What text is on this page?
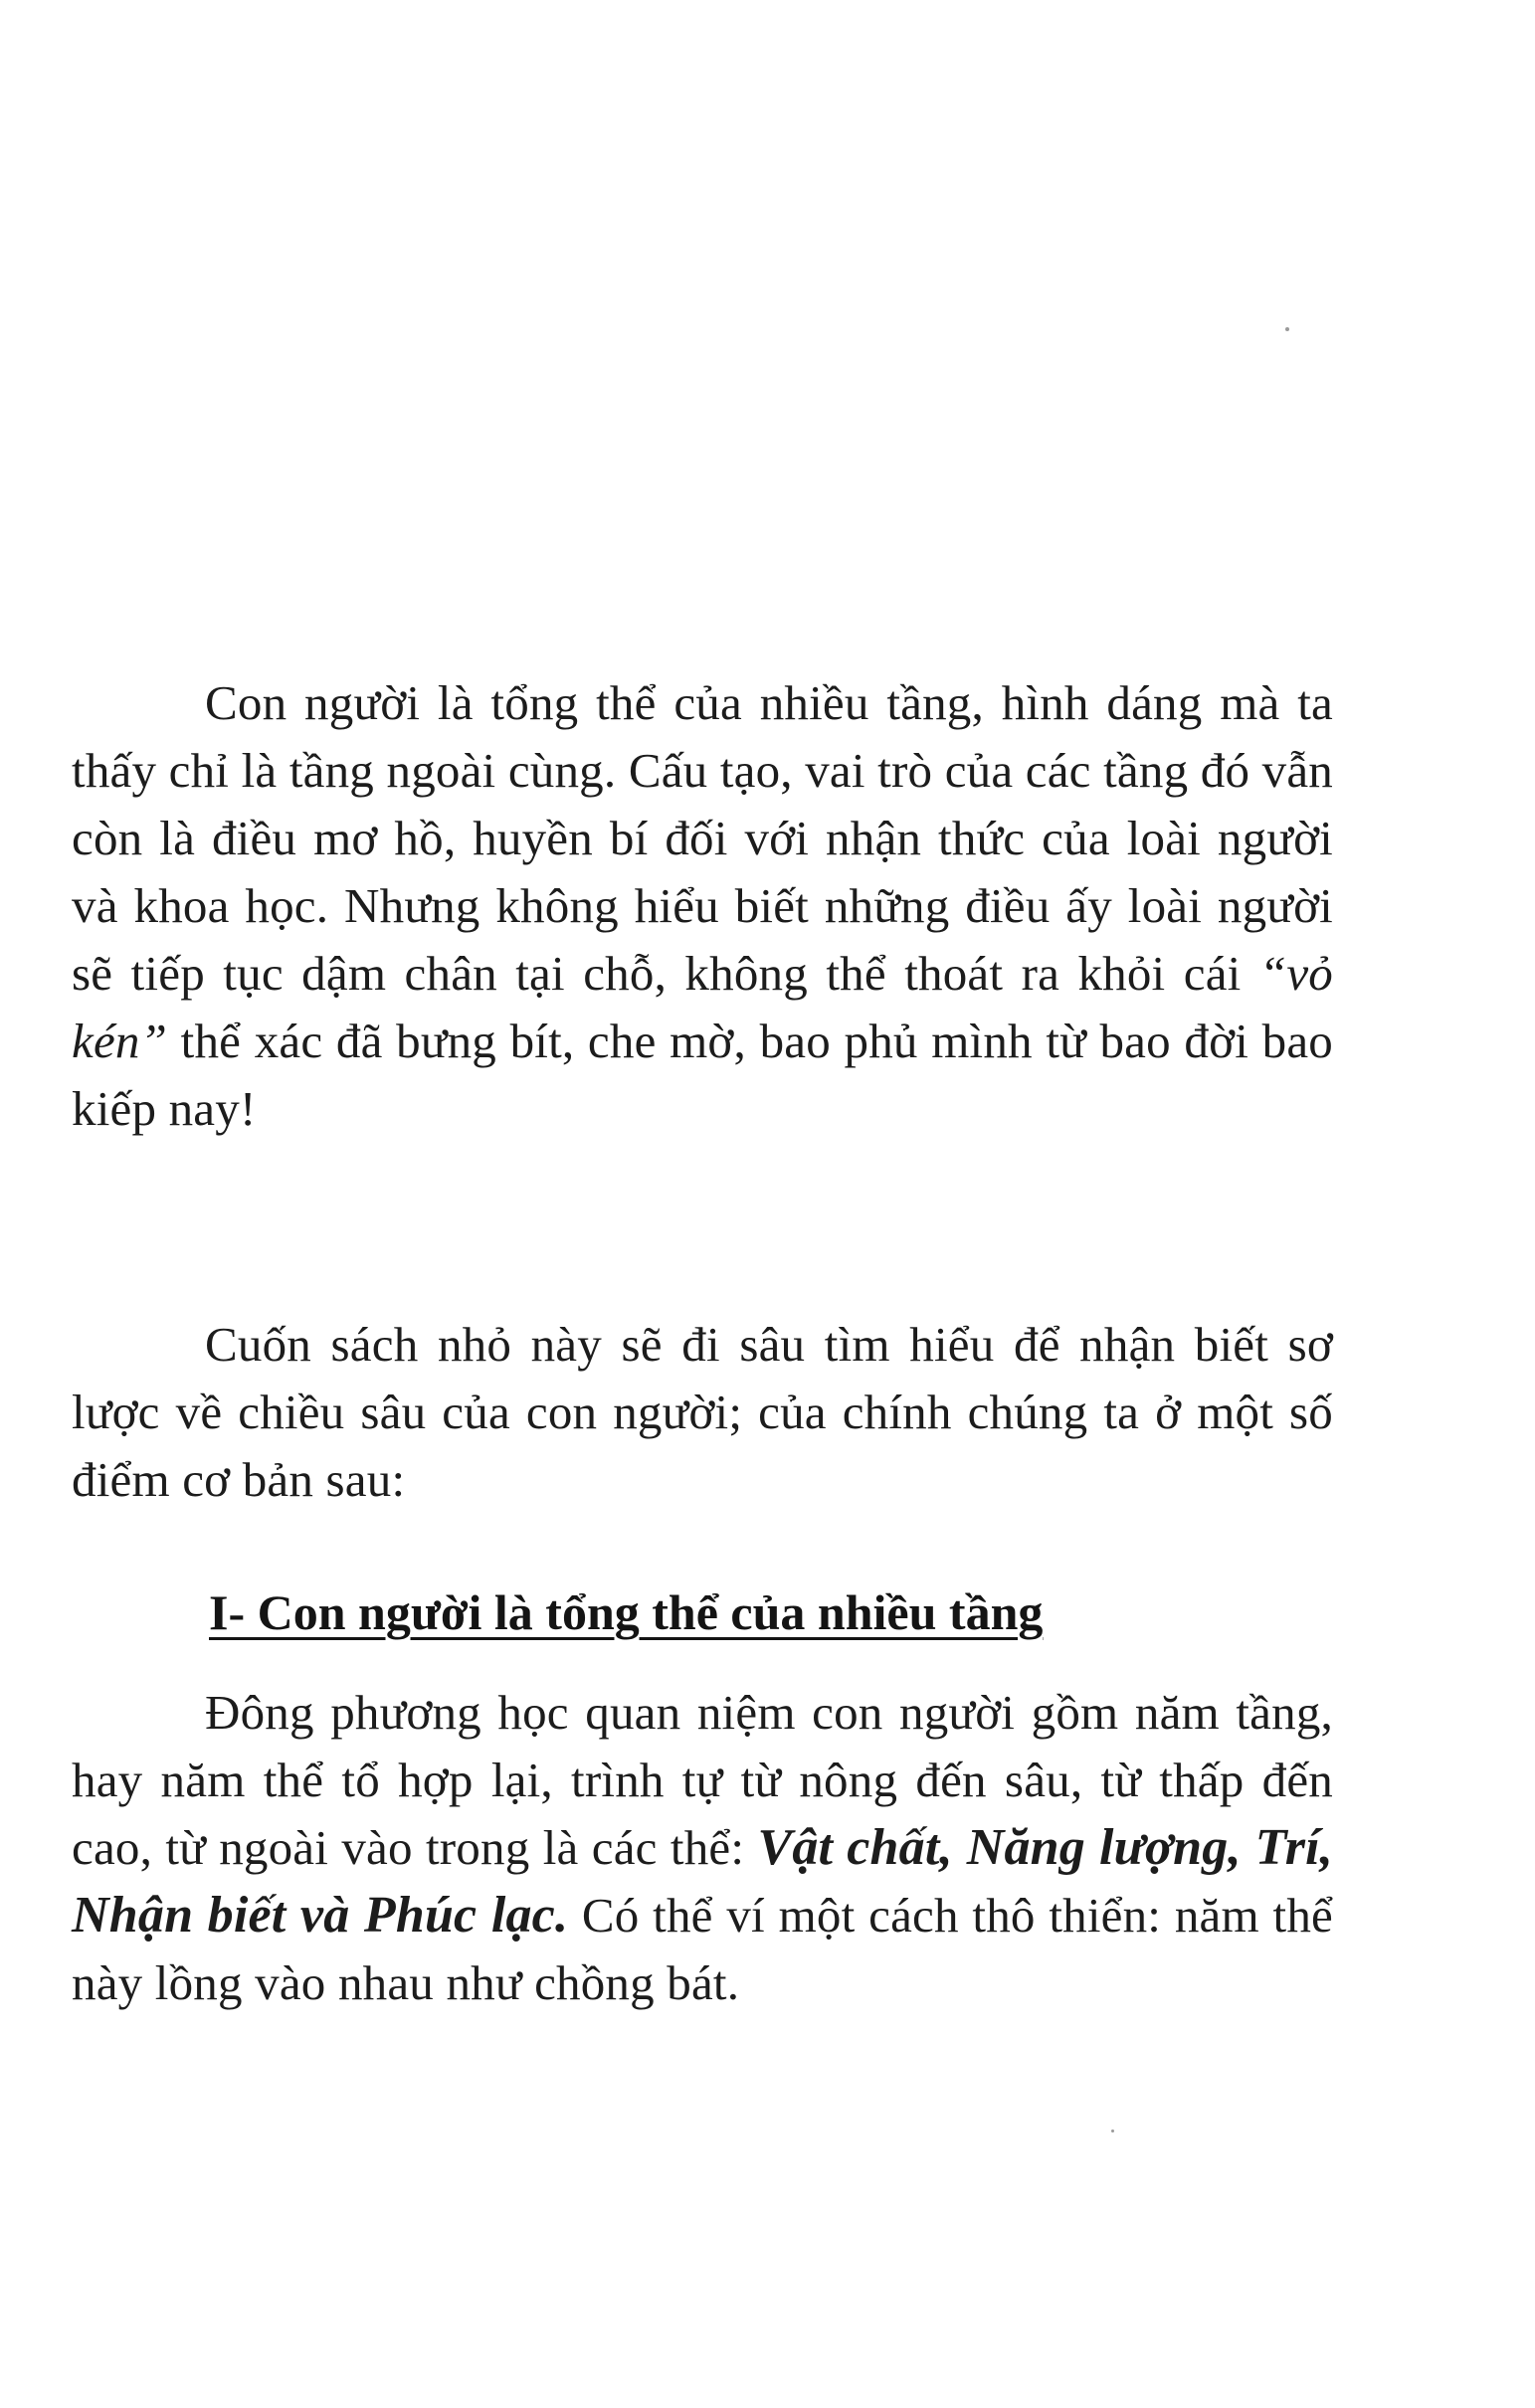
Con người là tổng thể của nhiều tầng, hình dáng mà ta thấy chỉ là tầng ngoài cùng. Cấu tạo, vai trò của các tầng đó vẫn còn là điều mơ hồ, huyền bí đối với nhận thức của loài người và khoa học. Nhưng không hiểu biết những điều ấy loài người sẽ tiếp tục dậm chân tại chỗ, không thể thoát ra khỏi cái “vỏ kén” thể xác đã bưng bít, che mờ, bao phủ mình từ bao đời bao kiếp nay!

Cuốn sách nhỏ này sẽ đi sâu tìm hiểu để nhận biết sơ lược về chiều sâu của con người; của chính chúng ta ở một số điểm cơ bản sau:

I- Con người là tổng thể của nhiều tầng

Đông phương học quan niệm con người gồm năm tầng, hay năm thể tổ hợp lại, trình tự từ nông đến sâu, từ thấp đến cao, từ ngoài vào trong là các thể: Vật chất, Năng lượng, Trí, Nhận biết và Phúc lạc. Có thể ví một cách thô thiển: năm thể này lồng vào nhau như chồng bát.
